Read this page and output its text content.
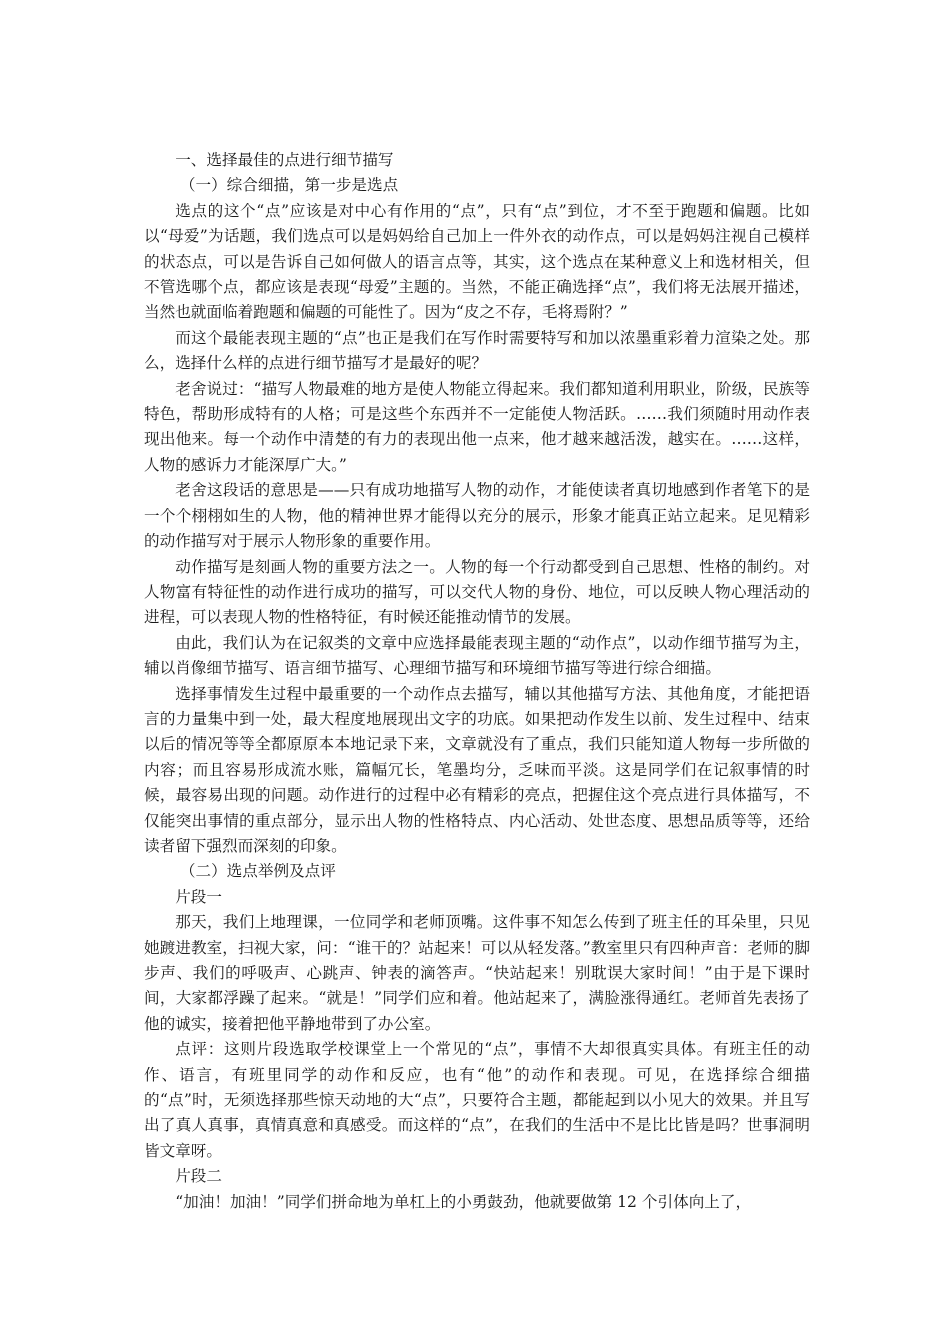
一、选择最佳的点进行细节描写

（一）综合细描，第一步是选点

选点的这个“点”应该是对中心有作用的“点”，只有“点”到位，才不至于跑题和偏题。比如以“母爱”为话题，我们选点可以是妈妈给自己加上一件外衣的动作点，可以是妈妈注视自己模样的状态点，可以是告诉自己如何做人的语言点等，其实，这个选点在某种意义上和选材相关，但不管选哪个点，都应该是表现“母爱”主题的。当然，不能正确选择“点”，我们将无法展开描述，当然也就面临着跑题和偏题的可能性了。因为“皮之不存，毛将焉附？”

而这个最能表现主题的“点”也正是我们在写作时需要特写和加以浓墨重彩着力渲染之处。那么，选择什么样的点进行细节描写才是最好的呢？

老舍说过：“描写人物最难的地方是使人物能立得起来。我们都知道利用职业，阶级，民族等特色，帮助形成特有的人格；可是这些个东西并不一定能使人物活跃。……我们须随时用动作表现出他来。每一个动作中清楚的有力的表现出他一点来，他才越来越活泼，越实在。……这样，人物的感诉力才能深厚广大。”

老舍这段话的意思是——只有成功地描写人物的动作，才能使读者真切地感到作者笔下的是一个个栩栩如生的人物，他的精神世界才能得以充分的展示，形象才能真正站立起来。足见精彩的动作描写对于展示人物形象的重要作用。

动作描写是刻画人物的重要方法之一。人物的每一个行动都受到自己思想、性格的制约。对人物富有特征性的动作进行成功的描写，可以交代人物的身份、地位，可以反映人物心理活动的进程，可以表现人物的性格特征，有时候还能推动情节的发展。

由此，我们认为在记叙类的文章中应选择最能表现主题的“动作点”，以动作细节描写为主，辅以肖像细节描写、语言细节描写、心理细节描写和环境细节描写等进行综合细描。

选择事情发生过程中最重要的一个动作点去描写，辅以其他描写方法、其他角度，才能把语言的力量集中到一处，最大程度地展现出文字的功底。如果把动作发生以前、发生过程中、结束以后的情况等等全都原原本本地记录下来，文章就没有了重点，我们只能知道人物每一步所做的内容；而且容易形成流水账，篇幅冗长，笔墨均分，乏味而平淡。这是同学们在记叙事情的时候，最容易出现的问题。动作进行的过程中必有精彩的亮点，把握住这个亮点进行具体描写，不仅能突出事情的重点部分，显示出人物的性格特点、内心活动、处世态度、思想品质等等，还给读者留下强烈而深刻的印象。

（二）选点举例及点评

片段一

那天，我们上地理课，一位同学和老师顶嘴。这件事不知怎么传到了班主任的耳朵里，只见她踱进教室，扫视大家，问：“谁干的？站起来！可以从轻发落。”教室里只有四种声音：老师的脚步声、我们的呼吸声、心跳声、钟表的滴答声。“快站起来！别耽误大家时间！”由于是下课时间，大家都浮躁了起来。“就是！”同学们应和着。他站起来了，满脸涨得通红。老师首先表扬了他的诚实，接着把他平静地带到了办公室。

点评：这则片段选取学校课堂上一个常见的“点”，事情不大却很真实具体。有班主任的动作、语言，有班里同学的动作和反应，也有“他”的动作和表现。可见，在选择综合细描的“点”时，无须选择那些惊天动地的大“点”，只要符合主题，都能起到以小见大的效果。并且写出了真人真事，真情真意和真感受。而这样的“点”，在我们的生活中不是比比皆是吗？世事洞明皆文章呀。

片段二

“加油！加油！”同学们拼命地为单杠上的小勇鼓劲，他就要做第 12 个引体向上了，
